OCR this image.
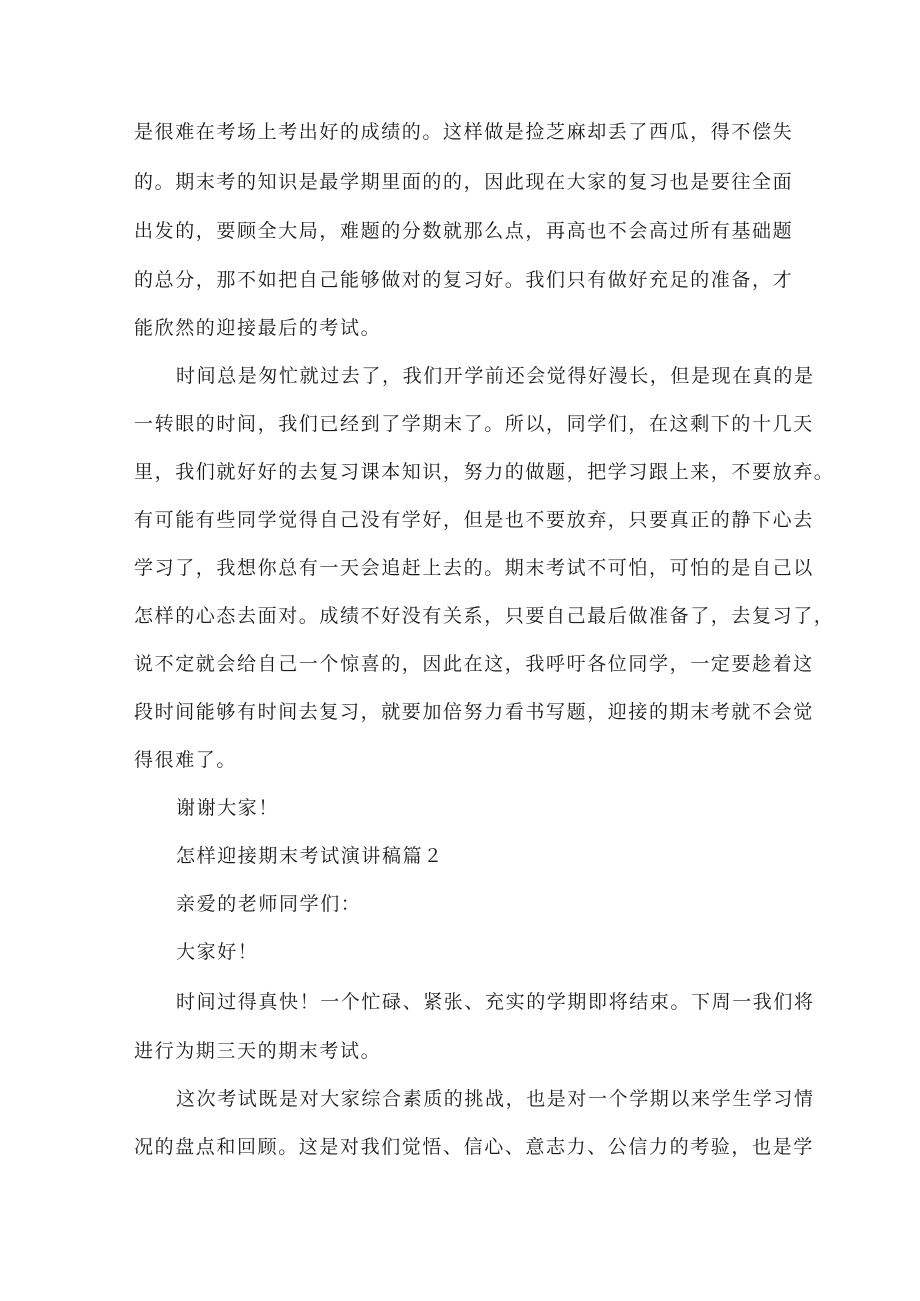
是很难在考场上考出好的成绩的。这样做是捡芝麻却丢了西瓜，得不偿失
的。期末考的知识是最学期里面的的，因此现在大家的复习也是要往全面
出发的，要顾全大局，难题的分数就那么点，再高也不会高过所有基础题
的总分，那不如把自己能够做对的复习好。我们只有做好充足的准备，才
能欣然的迎接最后的考试。
时间总是匆忙就过去了，我们开学前还会觉得好漫长，但是现在真的是
一转眼的时间，我们已经到了学期末了。所以，同学们，在这剩下的十几天
里，我们就好好的去复习课本知识，努力的做题，把学习跟上来，不要放弃。
有可能有些同学觉得自己没有学好，但是也不要放弃，只要真正的静下心去
学习了，我想你总有一天会追赶上去的。期末考试不可怕，可怕的是自己以
怎样的心态去面对。成绩不好没有关系，只要自己最后做准备了，去复习了，
说不定就会给自己一个惊喜的，因此在这，我呼吁各位同学，一定要趁着这
段时间能够有时间去复习，就要加倍努力看书写题，迎接的期末考就不会觉
得很难了。
谢谢大家！
怎样迎接期末考试演讲稿篇２
亲爱的老师同学们：
大家好！
时间过得真快！一个忙碌、紧张、充实的学期即将结束。下周一我们将
进行为期三天的期末考试。
这次考试既是对大家综合素质的挑战，也是对一个学期以来学生学习情
况的盘点和回顾。这是对我们觉悟、信心、意志力、公信力的考验，也是学
